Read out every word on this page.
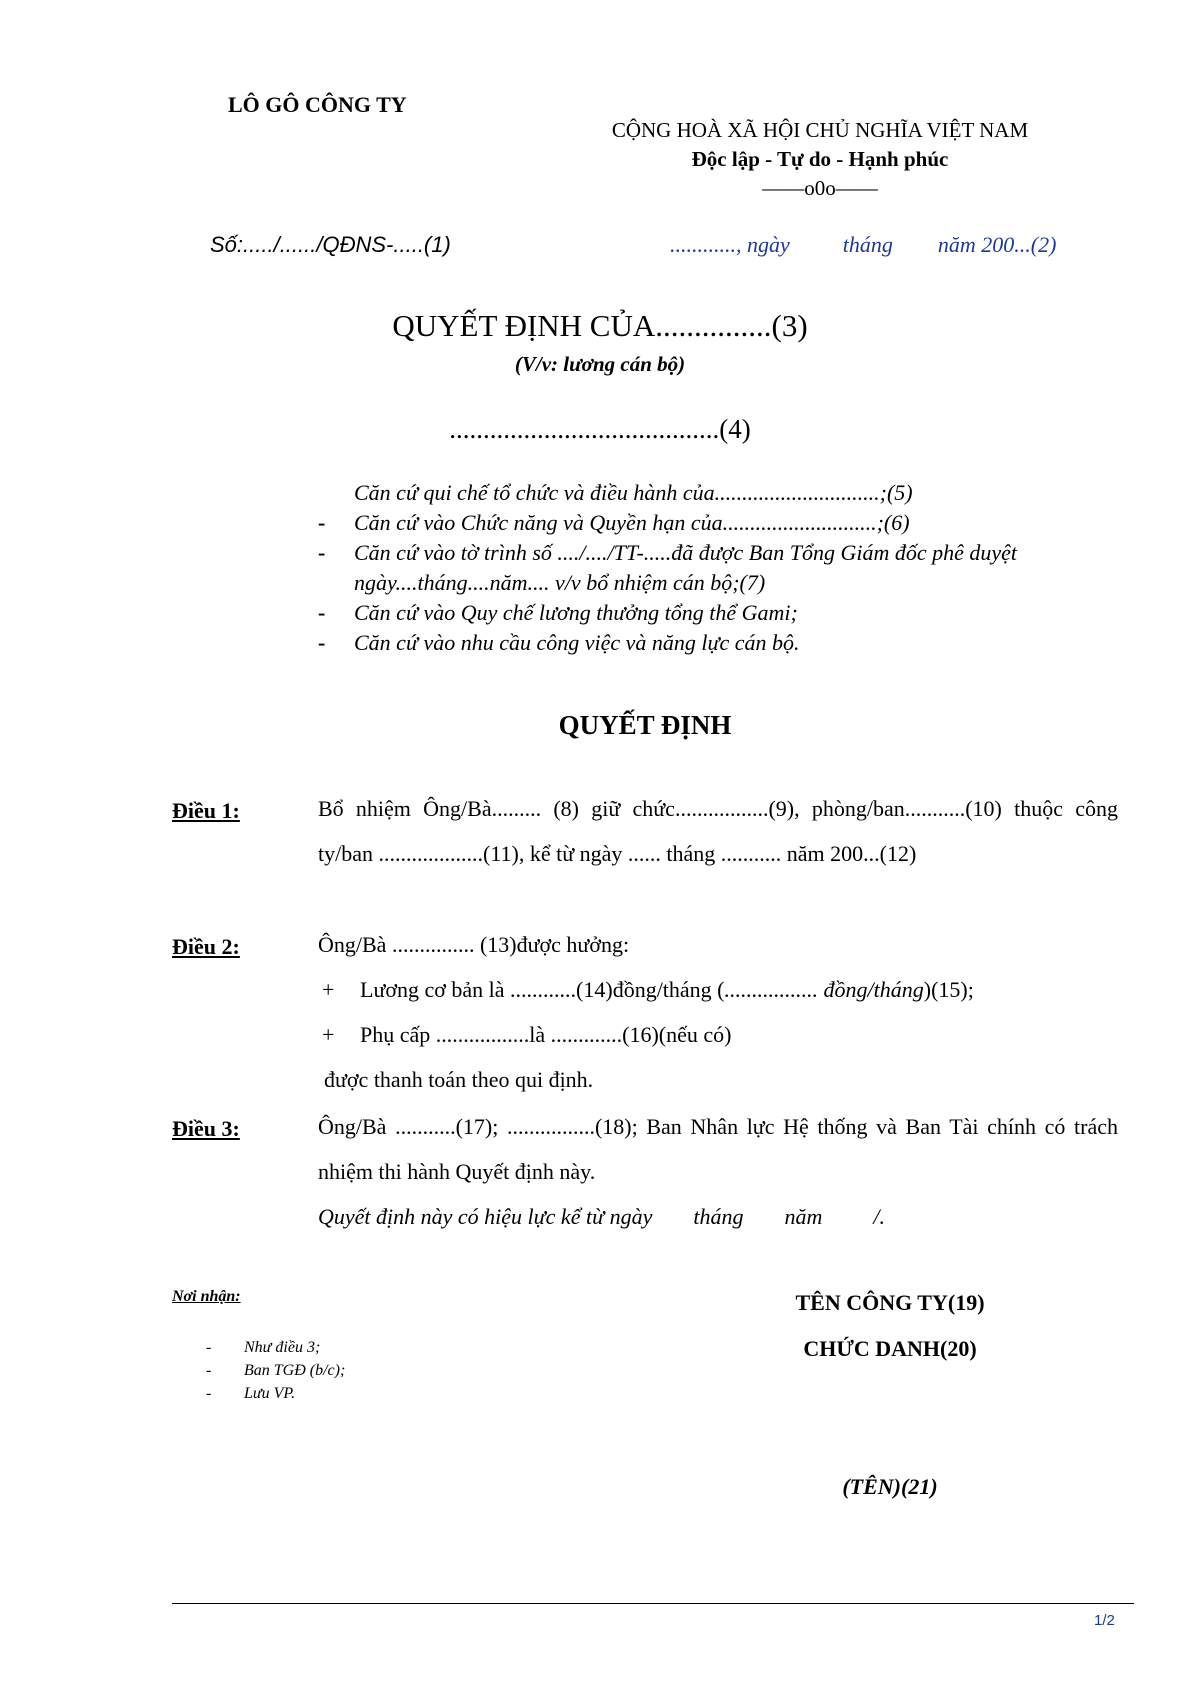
LÔ GÔ CÔNG TY
CỘNG HOÀ XÃ HỘI CHỦ NGHĨA VIỆT NAM
Độc lập - Tự do - Hạnh phúc
––––o0o––––
Số:...../....../QĐNS-.....(1)	............, ngày tháng năm 200...(2)
QUYẾT ĐỊNH CỦA...............(3)
(V/v: lương cán bộ)
........................................(4)
Căn cứ qui chế tổ chức và điều hành của..............................;(5)
- Căn cứ vào Chức năng và Quyền hạn của............................;(6)
- Căn cứ vào tờ trình số ..../..../TT-.....đã được Ban Tổng Giám đốc phê duyệt ngày....tháng....năm.... v/v bổ nhiệm cán bộ;(7)
- Căn cứ vào Quy chế lương thưởng tổng thể Gami;
- Căn cứ vào nhu cầu công việc và năng lực cán bộ.
QUYẾT ĐỊNH
Điều 1:	Bổ nhiệm Ông/Bà......... (8) giữ chức.................(9), phòng/ban...........(10) thuộc công ty/ban ...................(11), kể từ ngày ...... tháng ........... năm 200...(12)
Điều 2:	Ông/Bà ............... (13)được hưởng:
+ Lương cơ bản là ............(14)đồng/tháng (................. đồng/tháng)(15);
+ Phụ cấp .................là .............(16)(nếu có)
được thanh toán theo qui định.
Điều 3:	Ông/Bà ...........(17); ................(18); Ban Nhân lực Hệ thống và Ban Tài chính có trách nhiệm thi hành Quyết định này.
Quyết định này có hiệu lực kể từ ngày tháng năm /.
Nơi nhận:
- Như điều 3;
- Ban TGĐ (b/c);
- Lưu VP.
TÊN CÔNG TY(19)
CHỨC DANH(20)
(TÊN)(21)
1/2
